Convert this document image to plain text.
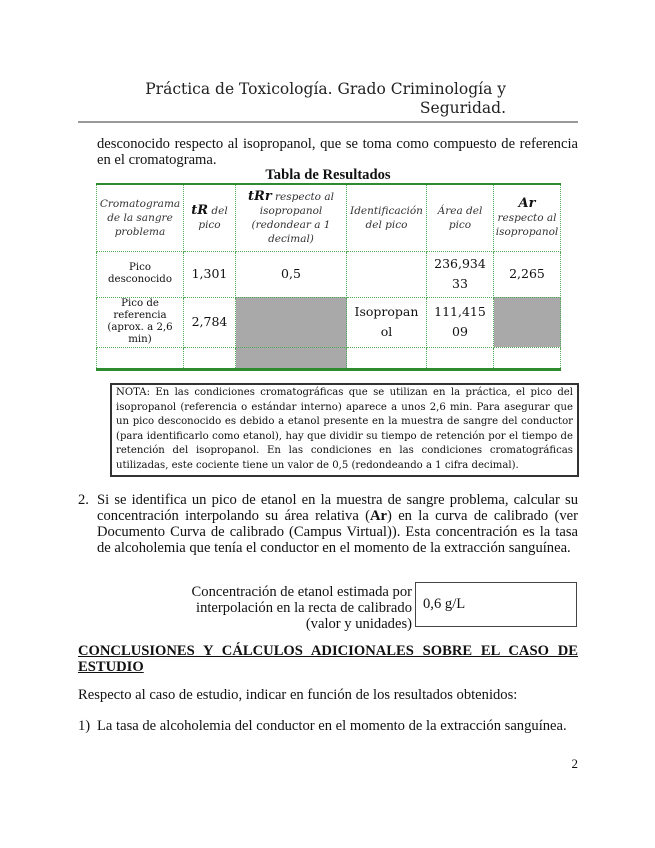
Práctica de Toxicología. Grado Criminología y
Seguridad.
desconocido respecto al isopropanol, que se toma como compuesto de referencia en el cromatograma.
Tabla de Resultados
Cromatograma de la sangre problema	tR del pico	tRr respecto al isopropanol (redondear a 1 decimal)	Identificación del pico	Área del pico	Ar respecto al isopropanol
Pico desconocido	1,301	0,5		236,93433	2,265
Pico de referencia (aprox. a 2,6 min)	2,784		Isopropanol	111,41509	

NOTA: En las condiciones cromatográficas que se utilizan en la práctica, el pico del isopropanol (referencia o estándar interno) aparece a unos 2,6 min. Para asegurar que un pico desconocido es debido a etanol presente en la muestra de sangre del conductor (para identificarlo como etanol), hay que dividir su tiempo de retención por el tiempo de retención del isopropanol. En las condiciones en las condiciones cromatográficas utilizadas, este cociente tiene un valor de 0,5 (redondeando a 1 cifra decimal).
2. Si se identifica un pico de etanol en la muestra de sangre problema, calcular su concentración interpolando su área relativa (Ar) en la curva de calibrado (ver Documento Curva de calibrado (Campus Virtual)). Esta concentración es la tasa de alcoholemia que tenía el conductor en el momento de la extracción sanguínea.
Concentración de etanol estimada por
interpolación en la recta de calibrado
(valor y unidades)
0,6 g/L
CONCLUSIONES Y CÁLCULOS ADICIONALES SOBRE EL CASO DE ESTUDIO
Respecto al caso de estudio, indicar en función de los resultados obtenidos:
1) La tasa de alcoholemia del conductor en el momento de la extracción sanguínea.
2
